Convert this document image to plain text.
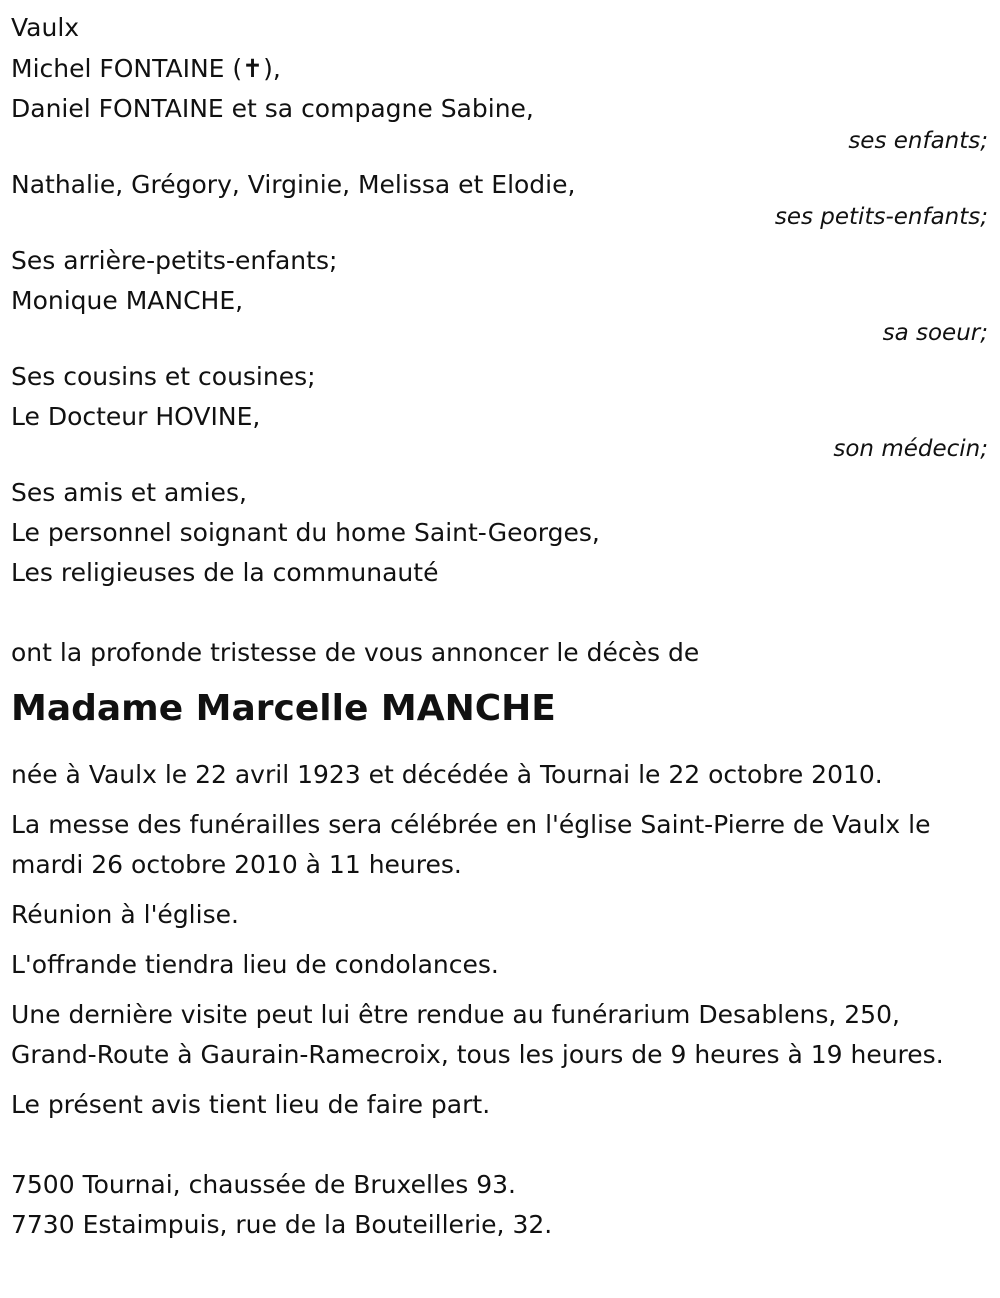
Vaulx
Michel FONTAINE (✝),
Daniel FONTAINE et sa compagne Sabine,
ses enfants;
Nathalie, Grégory, Virginie, Melissa et Elodie,
ses petits-enfants;
Ses arrière-petits-enfants;
Monique MANCHE,
sa soeur;
Ses cousins et cousines;
Le Docteur HOVINE,
son médecin;
Ses amis et amies,
Le personnel soignant du home Saint-Georges,
Les religieuses de la communauté
ont la profonde tristesse de vous annoncer le décès de
Madame Marcelle MANCHE

née à Vaulx le 22 avril 1923 et décédée à Tournai le 22 octobre 2010.

La messe des funérailles sera célébrée en l'église Saint-Pierre de Vaulx le mardi 26 octobre 2010 à 11 heures.

Réunion à l'église.

L'offrande tiendra lieu de condolances.

Une dernière visite peut lui être rendue au funérarium Desablens, 250, Grand-Route à Gaurain-Ramecroix, tous les jours de 9 heures à 19 heures.

Le présent avis tient lieu de faire part.

7500 Tournai, chaussée de Bruxelles 93.
7730 Estaimpuis, rue de la Bouteillerie, 32.
